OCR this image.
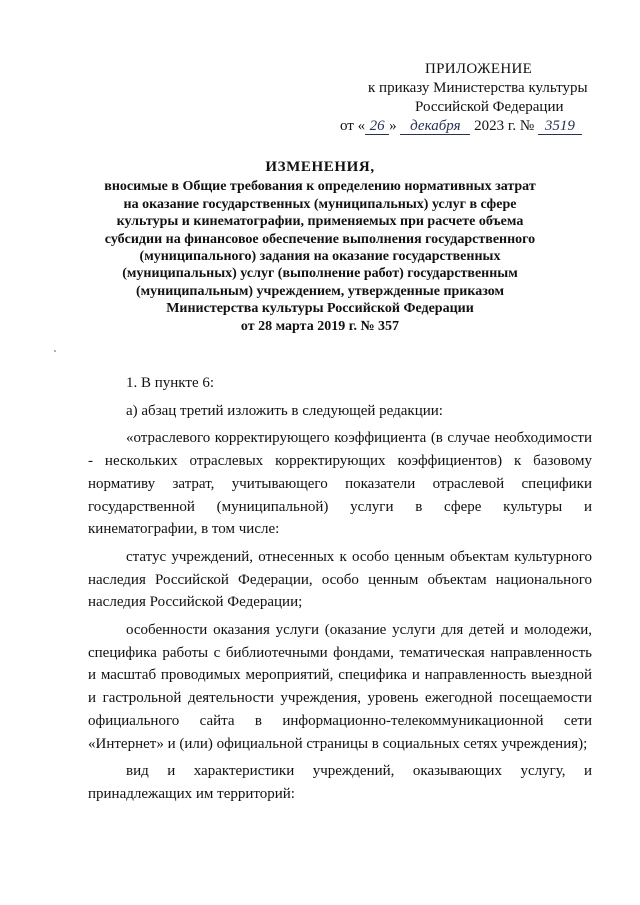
ПРИЛОЖЕНИЕ
к приказу Министерства культуры
Российской Федерации
от « 26 » декабря 2023 г. № 3519
ИЗМЕНЕНИЯ,
вносимые в Общие требования к определению нормативных затрат
на оказание государственных (муниципальных) услуг в сфере
культуры и кинематографии, применяемых при расчете объема
субсидии на финансовое обеспечение выполнения государственного
(муниципального) задания на оказание государственных
(муниципальных) услуг (выполнение работ) государственным
(муниципальным) учреждением, утвержденные приказом
Министерства культуры Российской Федерации
от 28 марта 2019 г. № 357

1. В пункте 6:

а) абзац третий изложить в следующей редакции:

«отраслевого корректирующего коэффициента (в случае необходимости - нескольких отраслевых корректирующих коэффициентов) к базовому нормативу затрат, учитывающего показатели отраслевой специфики государственной (муниципальной) услуги в сфере культуры и кинематографии, в том числе:

статус учреждений, отнесенных к особо ценным объектам культурного наследия Российской Федерации, особо ценным объектам национального наследия Российской Федерации;

особенности оказания услуги (оказание услуги для детей и молодежи, специфика работы с библиотечными фондами, тематическая направленность и масштаб проводимых мероприятий, специфика и направленность выездной и гастрольной деятельности учреждения, уровень ежегодной посещаемости официального сайта в информационно-телекоммуникационной сети «Интернет» и (или) официальной страницы в социальных сетях учреждения);

вид и характеристики учреждений, оказывающих услугу, и принадлежащих им территорий:
